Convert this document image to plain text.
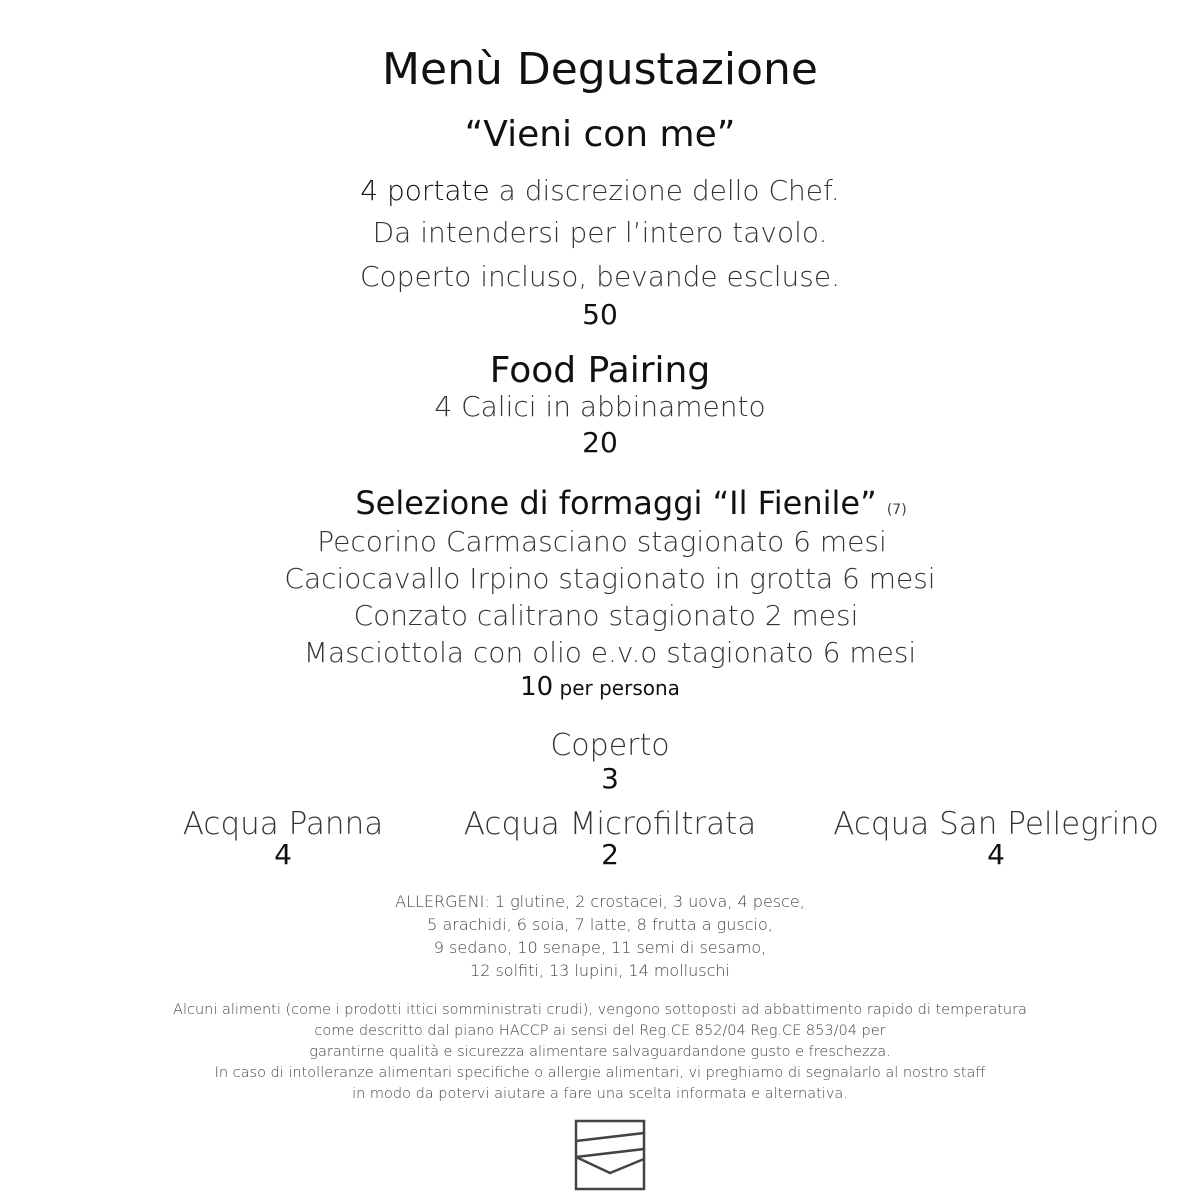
Menù Degustazione
“Vieni con me”
4 portate a discrezione dello Chef.
Da intendersi per l’intero tavolo.
Coperto incluso, bevande escluse.
50
Food Pairing
4 Calici in abbinamento
20
Selezione di formaggi “Il Fienile” (7)
Pecorino Carmasciano stagionato 6 mesi
Caciocavallo Irpino stagionato in grotta 6 mesi
Conzato calitrano stagionato 2 mesi
Masciottola con olio e.v.o stagionato 6 mesi
10 per persona
Coperto
3
Acqua Panna
4
Acqua Microfiltrata
2
Acqua San Pellegrino
4
ALLERGENI: 1 glutine, 2 crostacei, 3 uova, 4 pesce,
5 arachidi, 6 soia, 7 latte, 8 frutta a guscio,
9 sedano, 10 senape, 11 semi di sesamo,
12 solfiti, 13 lupini, 14 molluschi
Alcuni alimenti (come i prodotti ittici somministrati crudi), vengono sottoposti ad abbattimento rapido di temperatura
come descritto dal piano HACCP ai sensi del Reg.CE 852/04 Reg.CE 853/04 per
garantirne qualità e sicurezza alimentare salvaguardandone gusto e freschezza.
In caso di intolleranze alimentari specifiche o allergie alimentari, vi preghiamo di segnalarlo al nostro staff
in modo da potervi aiutare a fare una scelta informata e alternativa.
